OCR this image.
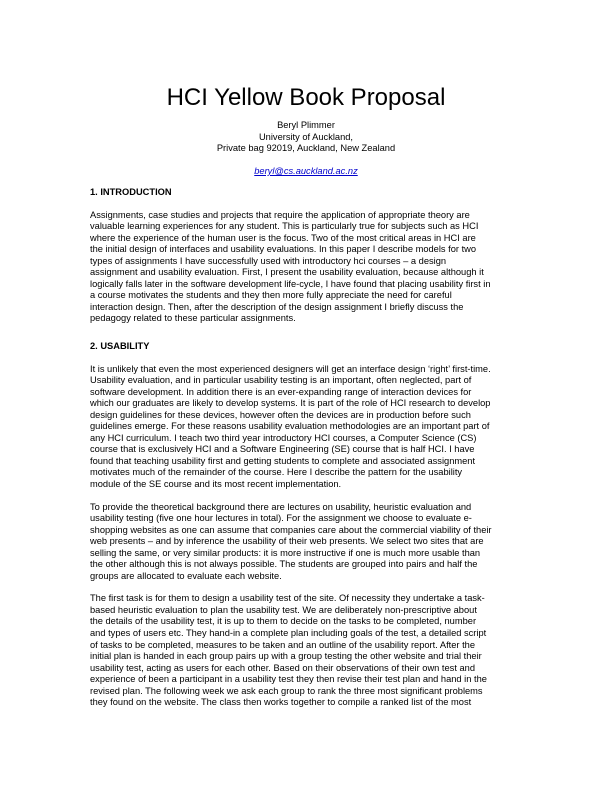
HCI Yellow Book Proposal
Beryl Plimmer
University of Auckland,
Private bag 92019, Auckland, New Zealand
beryl@cs.auckland.ac.nz
1. INTRODUCTION
Assignments, case studies and projects that require the application of appropriate theory are
valuable learning experiences for any student. This is particularly true for subjects such as HCI
where the experience of the human user is the focus. Two of the most critical areas in HCI are
the initial design of interfaces and usability evaluations. In this paper I describe models for two
types of assignments I have successfully used with introductory hci courses – a design
assignment and usability evaluation. First, I present the usability evaluation, because although it
logically falls later in the software development life-cycle, I have found that placing usability first in
a course motivates the students and they then more fully appreciate the need for careful
interaction design. Then, after the description of the design assignment I briefly discuss the
pedagogy related to these particular assignments.
2. USABILITY
It is unlikely that even the most experienced designers will get an interface design ‘right’ first-time.
Usability evaluation, and in particular usability testing is an important, often neglected, part of
software development. In addition there is an ever-expanding range of interaction devices for
which our graduates are likely to develop systems. It is part of the role of HCI research to develop
design guidelines for these devices, however often the devices are in production before such
guidelines emerge. For these reasons usability evaluation methodologies are an important part of
any HCI curriculum. I teach two third year introductory HCI courses, a Computer Science (CS)
course that is exclusively HCI and a Software Engineering (SE) course that is half HCI. I have
found that teaching usability first and getting students to complete and associated assignment
motivates much of the remainder of the course. Here I describe the pattern for the usability
module of the SE course and its most recent implementation.
To provide the theoretical background there are lectures on usability, heuristic evaluation and
usability testing (five one hour lectures in total). For the assignment we choose to evaluate e-
shopping websites as one can assume that companies care about the commercial viability of their
web presents – and by inference the usability of their web presents. We select two sites that are
selling the same, or very similar products: it is more instructive if one is much more usable than
the other although this is not always possible. The students are grouped into pairs and half the
groups are allocated to evaluate each website.
The first task is for them to design a usability test of the site. Of necessity they undertake a task-
based heuristic evaluation to plan the usability test. We are deliberately non-prescriptive about
the details of the usability test, it is up to them to decide on the tasks to be completed, number
and types of users etc. They hand-in a complete plan including goals of the test, a detailed script
of tasks to be completed, measures to be taken and an outline of the usability report. After the
initial plan is handed in each group pairs up with a group testing the other website and trial their
usability test, acting as users for each other. Based on their observations of their own test and
experience of been a participant in a usability test they then revise their test plan and hand in the
revised plan. The following week we ask each group to rank the three most significant problems
they found on the website. The class then works together to compile a ranked list of the most
